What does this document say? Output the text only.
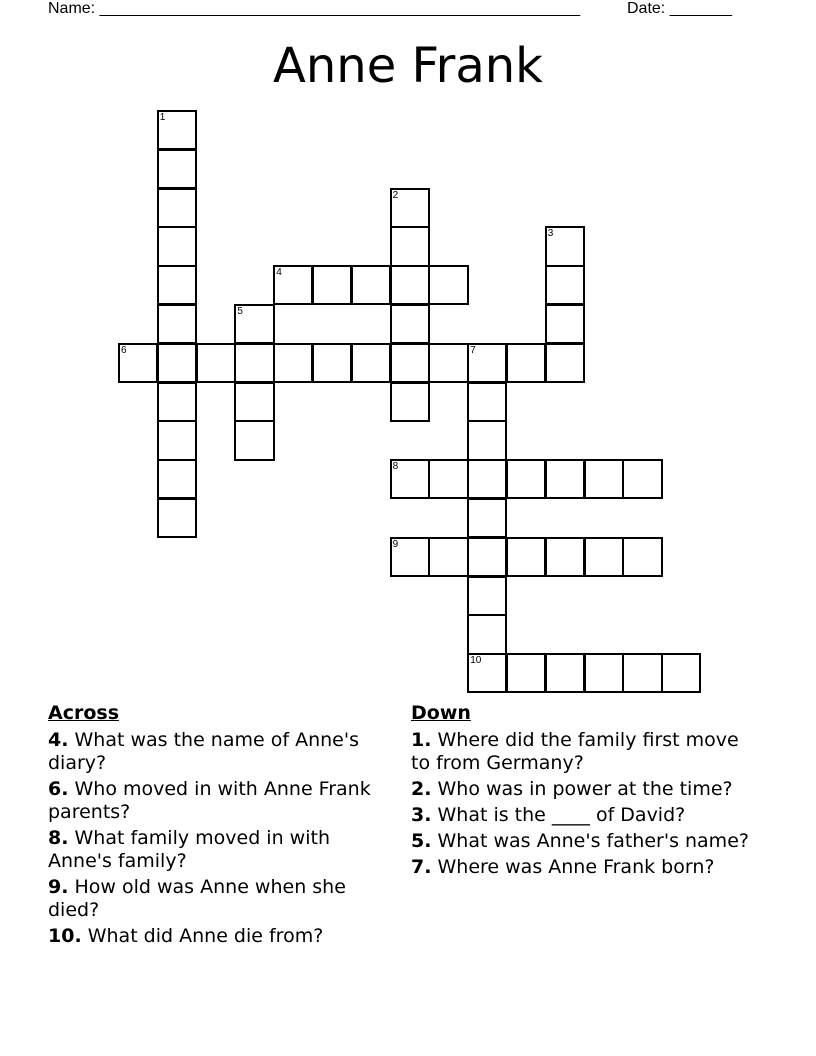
Name: ______________________________________________________	Date: _______
Anne Frank
1
2
3
4
5
6	7
8
9
10
Across
4. What was the name of Anne's diary?
6. Who moved in with Anne Frank parents?
8. What family moved in with Anne's family?
9. How old was Anne when she died?
10. What did Anne die from?
Down
1. Where did the family first move to from Germany?
2. Who was in power at the time?
3. What is the ____ of David?
5. What was Anne's father's name?
7. Where was Anne Frank born?
